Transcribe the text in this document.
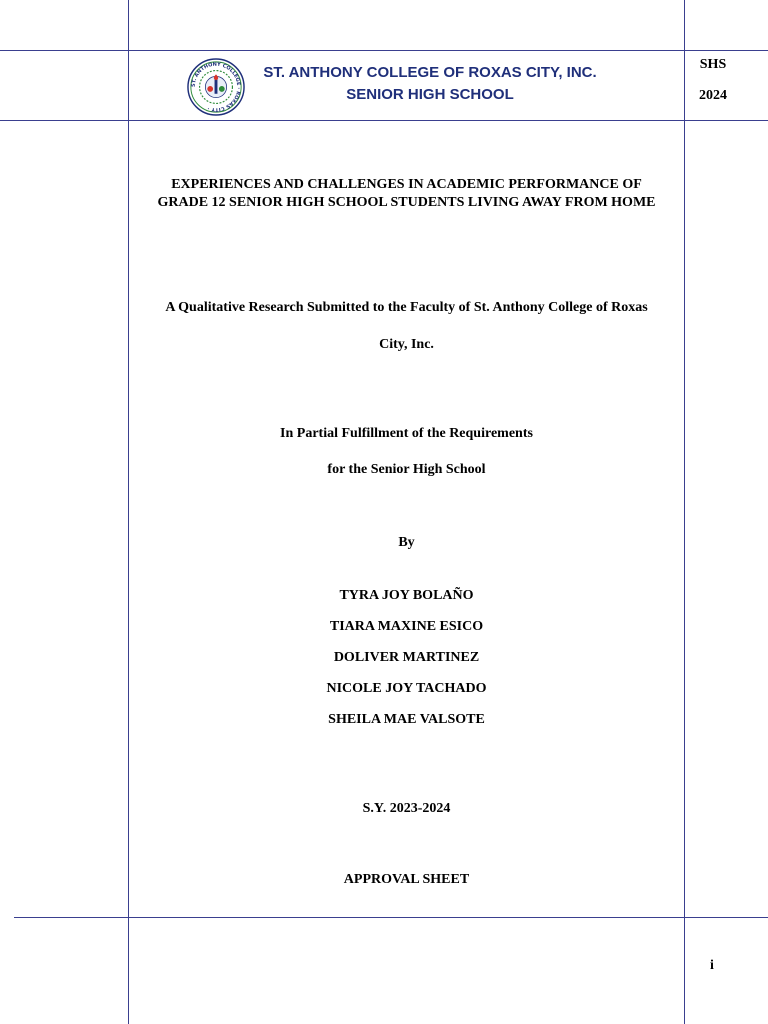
ST. ANTHONY COLLEGE · ROXAS CITY ·
ST. ANTHONY COLLEGE OF ROXAS CITY, INC.
SENIOR HIGH SCHOOL
SHS
2024
EXPERIENCES AND CHALLENGES IN ACADEMIC PERFORMANCE OF GRADE 12 SENIOR HIGH SCHOOL STUDENTS LIVING AWAY FROM HOME
A Qualitative Research Submitted to the Faculty of St. Anthony College of Roxas
City, Inc.
In Partial Fulfillment of the Requirements
for the Senior High School
By
TYRA JOY BOLAÑO
TIARA MAXINE ESICO
DOLIVER MARTINEZ
NICOLE JOY TACHADO
SHEILA MAE VALSOTE
S.Y. 2023-2024
APPROVAL SHEET
i
